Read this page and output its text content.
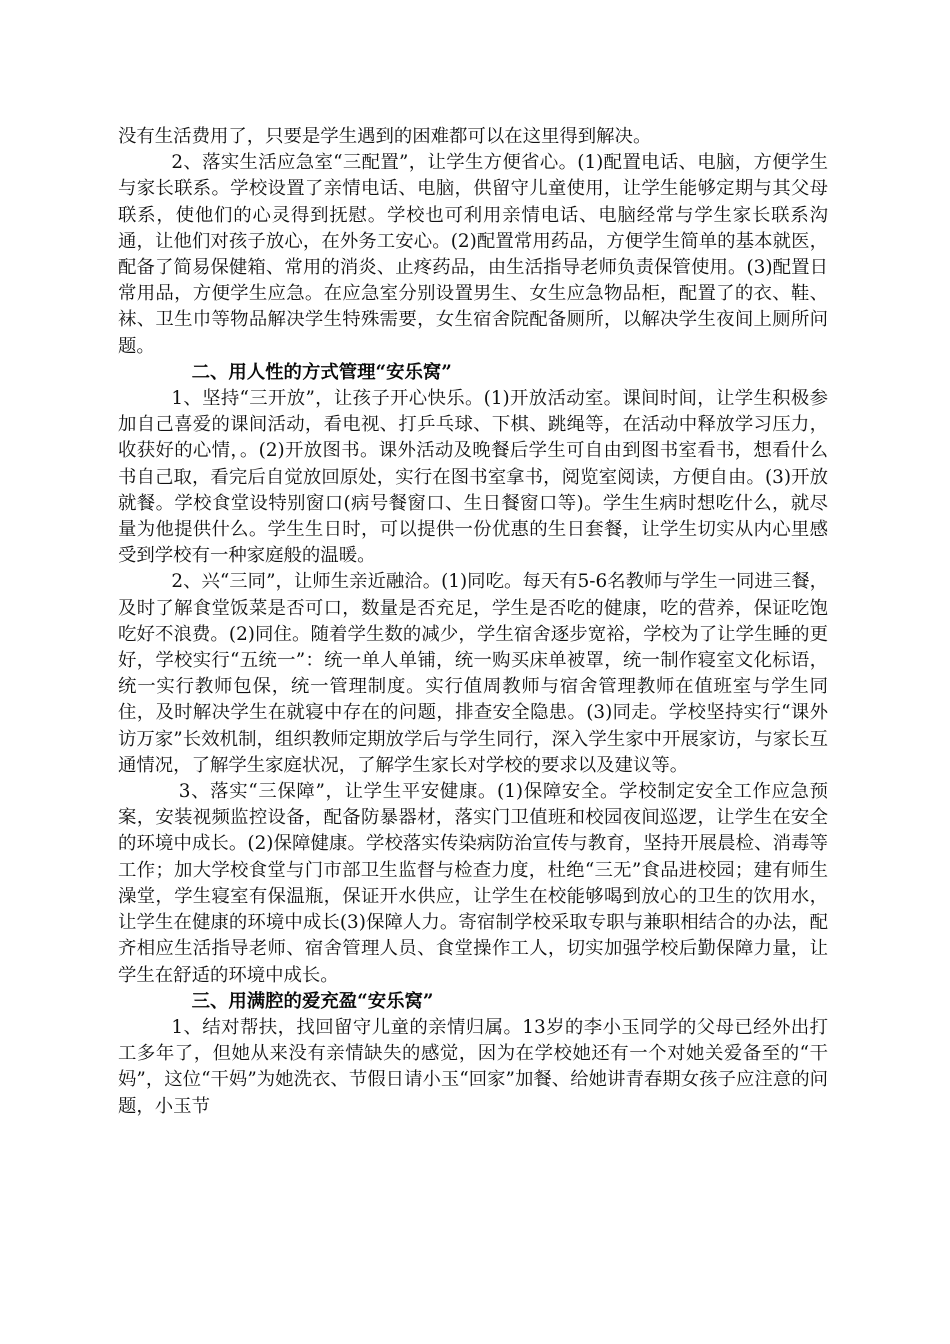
没有生活费用了，只要是学生遇到的困难都可以在这里得到解决。

2、落实生活应急室“三配置”，让学生方便省心。(1)配置电话、电脑，方便学生与家长联系。学校设置了亲情电话、电脑，供留守儿童使用，让学生能够定期与其父母联系，使他们的心灵得到抚慰。学校也可利用亲情电话、电脑经常与学生家长联系沟通，让他们对孩子放心，在外务工安心。(2)配置常用药品，方便学生简单的基本就医，配备了简易保健箱、常用的消炎、止疼药品，由生活指导老师负责保管使用。(3)配置日常用品，方便学生应急。在应急室分别设置男生、女生应急物品柜，配置了的衣、鞋、袜、卫生巾等物品解决学生特殊需要，女生宿舍院配备厕所，以解决学生夜间上厕所问题。

二、用人性的方式管理“安乐窝”

1、坚持“三开放”，让孩子开心快乐。(1)开放活动室。课间时间，让学生积极参加自己喜爱的课间活动，看电视、打乒乓球、下棋、跳绳等，在活动中释放学习压力，收获好的心情，。(2)开放图书。课外活动及晚餐后学生可自由到图书室看书，想看什么书自己取，看完后自觉放回原处，实行在图书室拿书，阅览室阅读，方便自由。(3)开放就餐。学校食堂设特别窗口(病号餐窗口、生日餐窗口等)。学生生病时想吃什么，就尽量为他提供什么。学生生日时，可以提供一份优惠的生日套餐，让学生切实从内心里感受到学校有一种家庭般的温暖。

2、兴“三同”，让师生亲近融洽。(1)同吃。每天有5-6名教师与学生一同进三餐，及时了解食堂饭菜是否可口，数量是否充足，学生是否吃的健康，吃的营养，保证吃饱吃好不浪费。(2)同住。随着学生数的减少，学生宿舍逐步宽裕，学校为了让学生睡的更好，学校实行“五统一”：统一单人单铺，统一购买床单被罩，统一制作寝室文化标语，统一实行教师包保，统一管理制度。实行值周教师与宿舍管理教师在值班室与学生同住，及时解决学生在就寝中存在的问题，排查安全隐患。(3)同走。学校坚持实行“课外访万家”长效机制，组织教师定期放学后与学生同行，深入学生家中开展家访，与家长互通情况，了解学生家庭状况，了解学生家长对学校的要求以及建议等。

3、落实“三保障”，让学生平安健康。(1)保障安全。学校制定安全工作应急预案，安装视频监控设备，配备防暴器材，落实门卫值班和校园夜间巡逻，让学生在安全的环境中成长。(2)保障健康。学校落实传染病防治宣传与教育，坚持开展晨检、消毒等工作；加大学校食堂与门市部卫生监督与检查力度，杜绝“三无”食品进校园；建有师生澡堂，学生寝室有保温瓶，保证开水供应，让学生在校能够喝到放心的卫生的饮用水，让学生在健康的环境中成长(3)保障人力。寄宿制学校采取专职与兼职相结合的办法，配齐相应生活指导老师、宿舍管理人员、食堂操作工人，切实加强学校后勤保障力量，让学生在舒适的环境中成长。

三、用满腔的爱充盈“安乐窝”

1、结对帮扶，找回留守儿童的亲情归属。13岁的李小玉同学的父母已经外出打工多年了，但她从来没有亲情缺失的感觉，因为在学校她还有一个对她关爱备至的“干妈”，这位“干妈”为她洗衣、节假日请小玉“回家”加餐、给她讲青春期女孩子应注意的问题，小玉节
